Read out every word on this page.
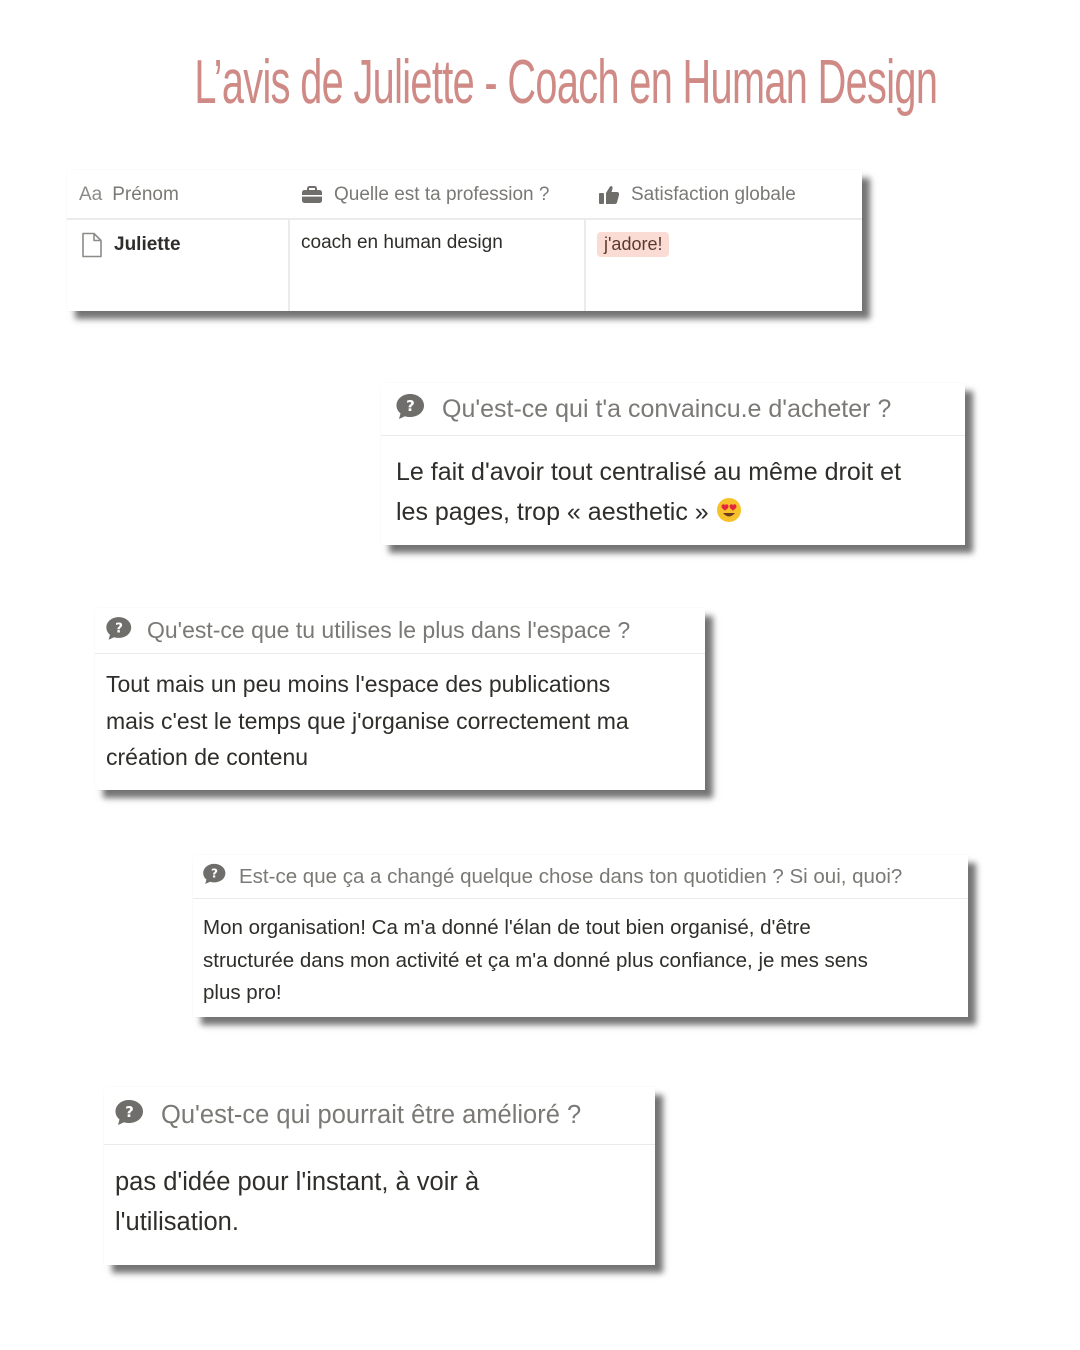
L’avis de Juliette - Coach en Human Design
Aa Prénom	Quelle est ta profession ?	Satisfaction globale
Juliette	coach en human design	j'adore!
? Qu'est-ce qui t'a convaincu.e d'acheter ?
Le fait d'avoir tout centralisé au même droit et
les pages, trop « aesthetic »
? Qu'est-ce que tu utilises le plus dans l'espace ?
Tout mais un peu moins l'espace des publications
mais c'est le temps que j'organise correctement ma
création de contenu
? Est-ce que ça a changé quelque chose dans ton quotidien ? Si oui, quoi?
Mon organisation! Ca m'a donné l'élan de tout bien organisé, d'être
structurée dans mon activité et ça m'a donné plus confiance, je mes sens
plus pro!
? Qu'est-ce qui pourrait être amélioré ?
pas d'idée pour l'instant, à voir à
l'utilisation.
